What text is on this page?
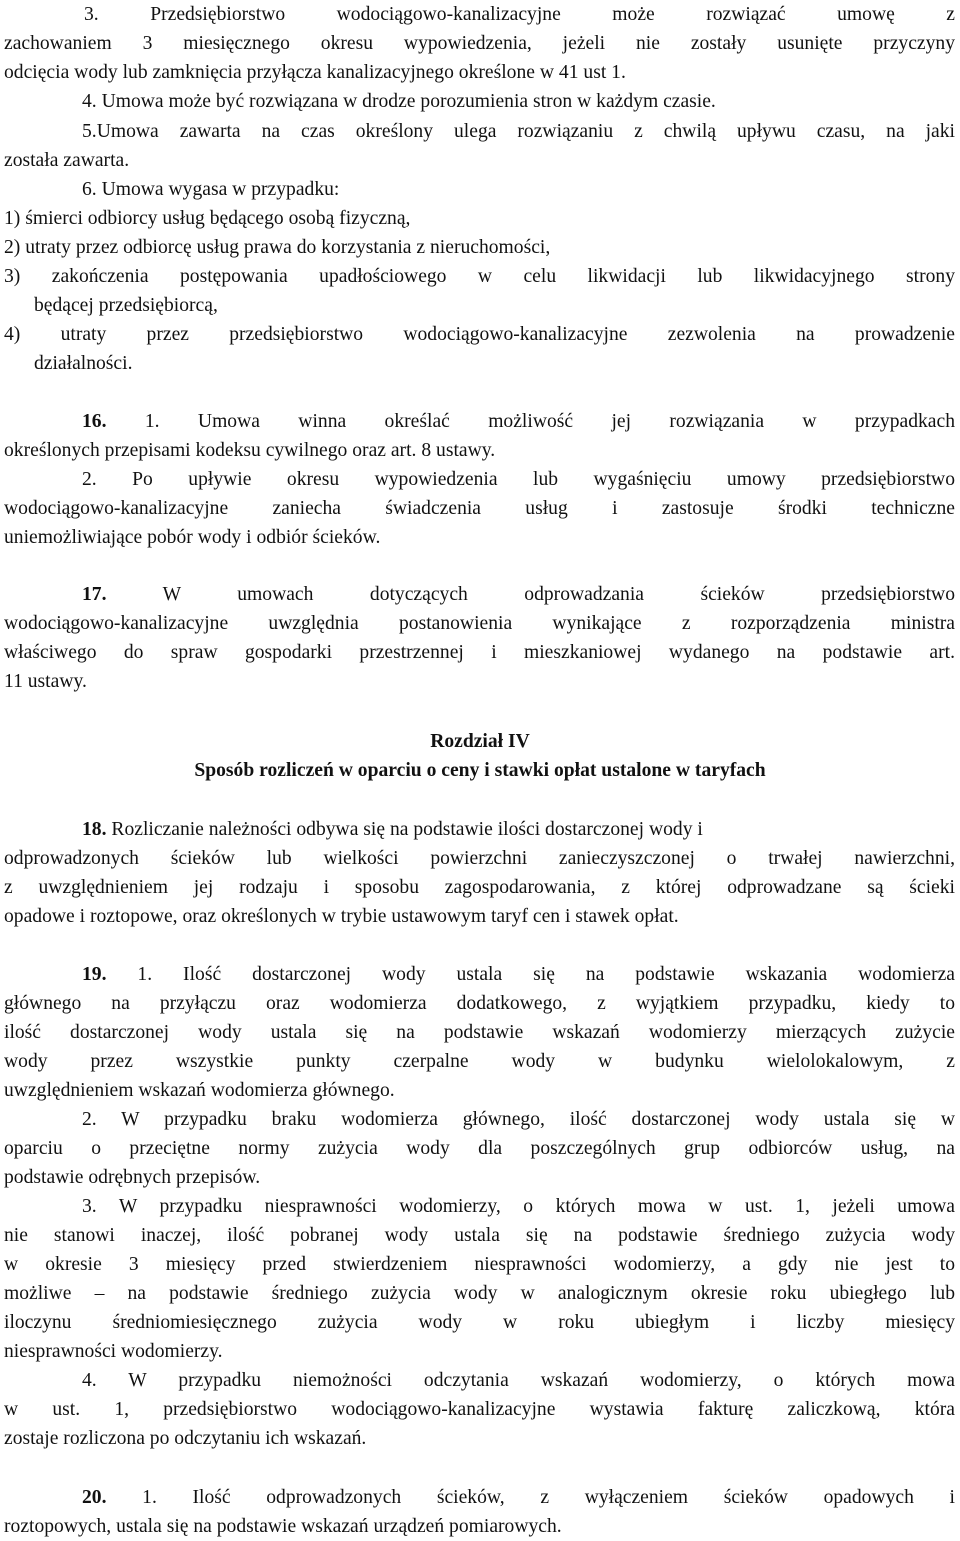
3. Przedsiębiorstwo wodociągowo-kanalizacyjne może rozwiązać umowę z
zachowaniem 3 miesięcznego okresu wypowiedzenia, jeżeli nie zostały usunięte przyczyny
odcięcia wody lub zamknięcia przyłącza kanalizacyjnego określone w 41 ust 1.
4. Umowa może być rozwiązana w drodze porozumienia stron w każdym czasie.
5.Umowa zawarta na czas określony ulega rozwiązaniu z chwilą upływu czasu, na jaki
została zawarta.
6. Umowa wygasa w przypadku:
1) śmierci odbiorcy usług będącego osobą fizyczną,
2) utraty przez odbiorcę usług prawa do korzystania z nieruchomości,
3) zakończenia postępowania upadłościowego w celu likwidacji lub likwidacyjnego strony
będącej przedsiębiorcą,
4) utraty przez przedsiębiorstwo wodociągowo-kanalizacyjne zezwolenia na prowadzenie
działalności.
16. 1. Umowa winna określać możliwość jej rozwiązania w przypadkach
określonych przepisami kodeksu cywilnego oraz art. 8 ustawy.
2. Po upływie okresu wypowiedzenia lub wygaśnięciu umowy przedsiębiorstwo
wodociągowo-kanalizacyjne zaniecha świadczenia usług i zastosuje środki techniczne
uniemożliwiające pobór wody i odbiór ścieków.
17. W umowach dotyczących odprowadzania ścieków przedsiębiorstwo
wodociągowo-kanalizacyjne uwzględnia postanowienia wynikające z rozporządzenia ministra
właściwego do spraw gospodarki przestrzennej i mieszkaniowej wydanego na podstawie art.
11 ustawy.
Rozdział IV
Sposób rozliczeń w oparciu o ceny i stawki opłat ustalone w taryfach
18. Rozliczanie należności odbywa się na podstawie ilości dostarczonej wody i
odprowadzonych ścieków lub wielkości powierzchni zanieczyszczonej o trwałej nawierzchni,
z uwzględnieniem jej rodzaju i sposobu zagospodarowania, z której odprowadzane są ścieki
opadowe i roztopowe, oraz określonych w trybie ustawowym taryf cen i stawek opłat.
19. 1. Ilość dostarczonej wody ustala się na podstawie wskazania wodomierza
głównego na przyłączu oraz wodomierza dodatkowego, z wyjątkiem przypadku, kiedy to
ilość dostarczonej wody ustala się na podstawie wskazań wodomierzy mierzących zużycie
wody przez wszystkie punkty czerpalne wody w budynku wielolokalowym, z
uwzględnieniem wskazań wodomierza głównego.
2. W przypadku braku wodomierza głównego, ilość dostarczonej wody ustala się w
oparciu o przeciętne normy zużycia wody dla poszczególnych grup odbiorców usług, na
podstawie odrębnych przepisów.
3. W przypadku niesprawności wodomierzy, o których mowa w ust. 1, jeżeli umowa
nie stanowi inaczej, ilość pobranej wody ustala się na podstawie średniego zużycia wody
w okresie 3 miesięcy przed stwierdzeniem niesprawności wodomierzy, a gdy nie jest to
możliwe – na podstawie średniego zużycia wody w analogicznym okresie roku ubiegłego lub
iloczynu średniomiesięcznego zużycia wody w roku ubiegłym i liczby miesięcy
niesprawności wodomierzy.
4. W przypadku niemożności odczytania wskazań wodomierzy, o których mowa
w ust. 1, przedsiębiorstwo wodociągowo-kanalizacyjne wystawia fakturę zaliczkową, która
zostaje rozliczona po odczytaniu ich wskazań.
20. 1. Ilość odprowadzonych ścieków, z wyłączeniem ścieków opadowych i
roztopowych, ustala się na podstawie wskazań urządzeń pomiarowych.
